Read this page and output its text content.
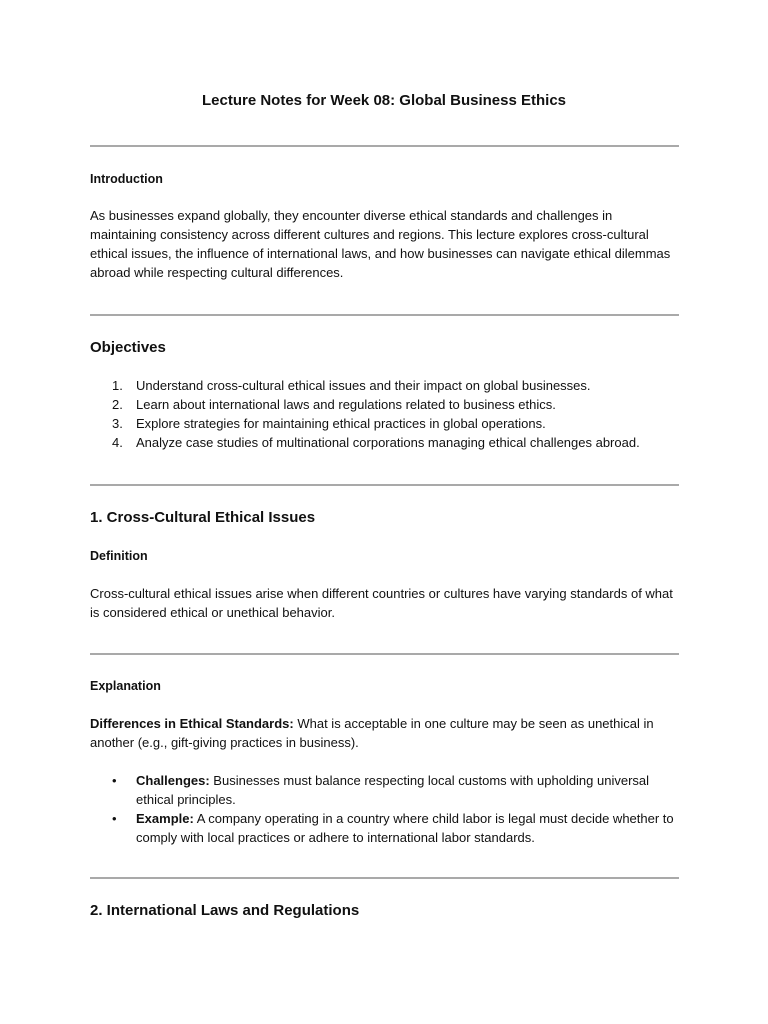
Lecture Notes for Week 08: Global Business Ethics
Introduction
As businesses expand globally, they encounter diverse ethical standards and challenges in maintaining consistency across different cultures and regions. This lecture explores cross-cultural ethical issues, the influence of international laws, and how businesses can navigate ethical dilemmas abroad while respecting cultural differences.
Objectives
1. Understand cross-cultural ethical issues and their impact on global businesses.
2. Learn about international laws and regulations related to business ethics.
3. Explore strategies for maintaining ethical practices in global operations.
4. Analyze case studies of multinational corporations managing ethical challenges abroad.
1. Cross-Cultural Ethical Issues
Definition
Cross-cultural ethical issues arise when different countries or cultures have varying standards of what is considered ethical or unethical behavior.
Explanation
Differences in Ethical Standards: What is acceptable in one culture may be seen as unethical in another (e.g., gift-giving practices in business).
• Challenges: Businesses must balance respecting local customs with upholding universal ethical principles.
• Example: A company operating in a country where child labor is legal must decide whether to comply with local practices or adhere to international labor standards.
2. International Laws and Regulations
